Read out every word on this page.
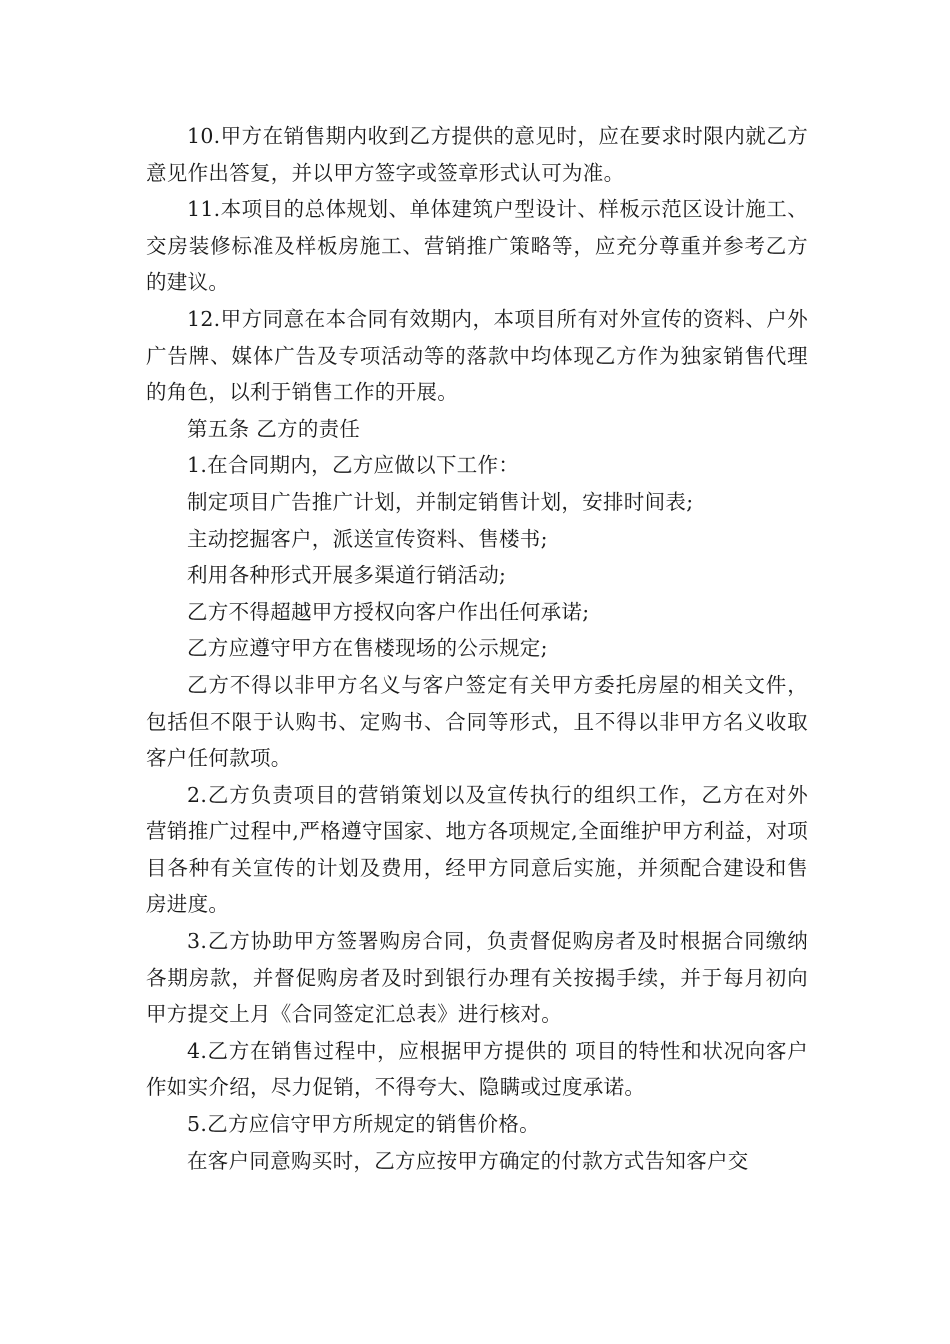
10.甲方在销售期内收到乙方提供的意见时，应在要求时限内就乙方意见作出答复，并以甲方签字或签章形式认可为准。

11.本项目的总体规划、单体建筑户型设计、样板示范区设计施工、交房装修标准及样板房施工、营销推广策略等，应充分尊重并参考乙方的建议。

12.甲方同意在本合同有效期内，本项目所有对外宣传的资料、户外广告牌、媒体广告及专项活动等的落款中均体现乙方作为独家销售代理的角色，以利于销售工作的开展。

第五条 乙方的责任

1.在合同期内，乙方应做以下工作：

制定项目广告推广计划，并制定销售计划，安排时间表;

主动挖掘客户，派送宣传资料、售楼书;

利用各种形式开展多渠道行销活动;

乙方不得超越甲方授权向客户作出任何承诺;

乙方应遵守甲方在售楼现场的公示规定;

乙方不得以非甲方名义与客户签定有关甲方委托房屋的相关文件，包括但不限于认购书、定购书、合同等形式，且不得以非甲方名义收取客户任何款项。

2.乙方负责项目的营销策划以及宣传执行的组织工作，乙方在对外营销推广过程中,严格遵守国家、地方各项规定,全面维护甲方利益，对项目各种有关宣传的计划及费用，经甲方同意后实施，并须配合建设和售房进度。

3.乙方协助甲方签署购房合同，负责督促购房者及时根据合同缴纳各期房款，并督促购房者及时到银行办理有关按揭手续，并于每月初向甲方提交上月《合同签定汇总表》进行核对。

4.乙方在销售过程中，应根据甲方提供的 项目的特性和状况向客户作如实介绍，尽力促销，不得夸大、隐瞒或过度承诺。

5.乙方应信守甲方所规定的销售价格。

在客户同意购买时，乙方应按甲方确定的付款方式告知客户交
